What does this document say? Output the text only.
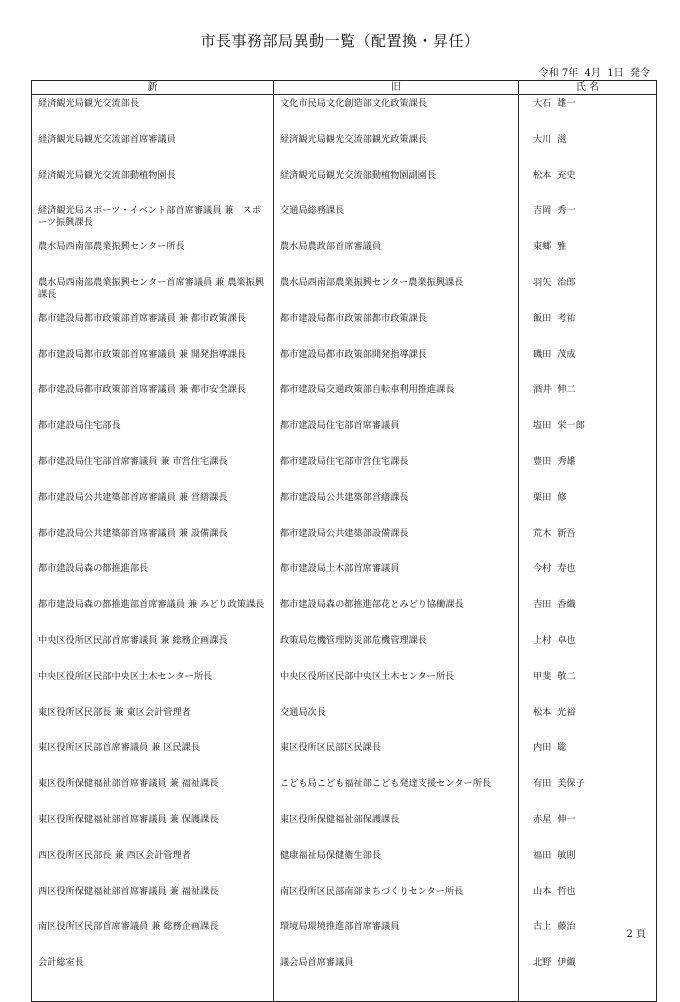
市長事務部局異動一覧（配置換・昇任）
令和 7年  4月  1日  発令
新	旧	氏 名
経済観光局観光交流部長	文化市民局文化創造部文化政策課長	大石  雄一
経済観光局観光交流部首席審議員	経済観光局観光交流部観光政策課長	大川  滋
経済観光局観光交流部動植物園長	経済観光局観光交流部動植物園副園長	松本  充史
経済観光局スポーツ・イベント部首席審議員 兼　スポーツ振興課長	交通局総務課長	吉岡  秀一
農水局西南部農業振興センター所長	農水局農政部首席審議員	東郷  雅
農水局西南部農業振興センター首席審議員 兼 農業振興課長	農水局西南部農業振興センター農業振興課長	羽矢  治郎
都市建設局都市政策部首席審議員 兼 都市政策課長	都市建設局都市政策部都市政策課長	飯田  考祐
都市建設局都市政策部首席審議員 兼 開発指導課長	都市建設局都市政策部開発指導課長	磯田  茂成
都市建設局都市政策部首席審議員 兼 都市安全課長	都市建設局交通政策部自転車利用推進課長	酒井  伸二
都市建設局住宅部長	都市建設局住宅部首席審議員	塩田  栄一郎
都市建設局住宅部首席審議員 兼 市営住宅課長	都市建設局住宅部市営住宅課長	豊田  秀雄
都市建設局公共建築部首席審議員 兼 営繕課長	都市建設局公共建築部営繕課長	栗田  修
都市建設局公共建築部首席審議員 兼 設備課長	都市建設局公共建築部設備課長	荒木  新吾
都市建設局森の都推進部長	都市建設局土木部首席審議員	今村  寿也
都市建設局森の都推進部首席審議員 兼 みどり政策課長	都市建設局森の都推進部花とみどり協働課長	吉田  香織
中央区役所区民部首席審議員 兼 総務企画課長	政策局危機管理防災部危機管理課長	上村  卓也
中央区役所区民部中央区土木センター所長	中央区役所区民部中央区土木センター所長	甲斐  敬二
東区役所区民部長 兼 東区会計管理者	交通局次長	松本  光裕
東区役所区民部首席審議員 兼 区民課長	東区役所区民部区民課長	内田  聡
東区役所保健福祉部首席審議員 兼 福祉課長	こども局こども福祉部こども発達支援センター所長	有田  美保子
東区役所保健福祉部首席審議員 兼 保護課長	東区役所保健福祉部保護課長	赤星  伸一
西区役所区民部長 兼 西区会計管理者	健康福祉局保健衛生部長	福田  敏則
西区役所保健福祉部首席審議員 兼 福祉課長	南区役所区民部南部まちづくりセンター所長	山本  哲也
南区役所区民部首席審議員 兼 総務企画課長	環境局環境推進部首席審議員	古上  藤治
会計総室長	議会局首席審議員	北野  伊織
2 頁
